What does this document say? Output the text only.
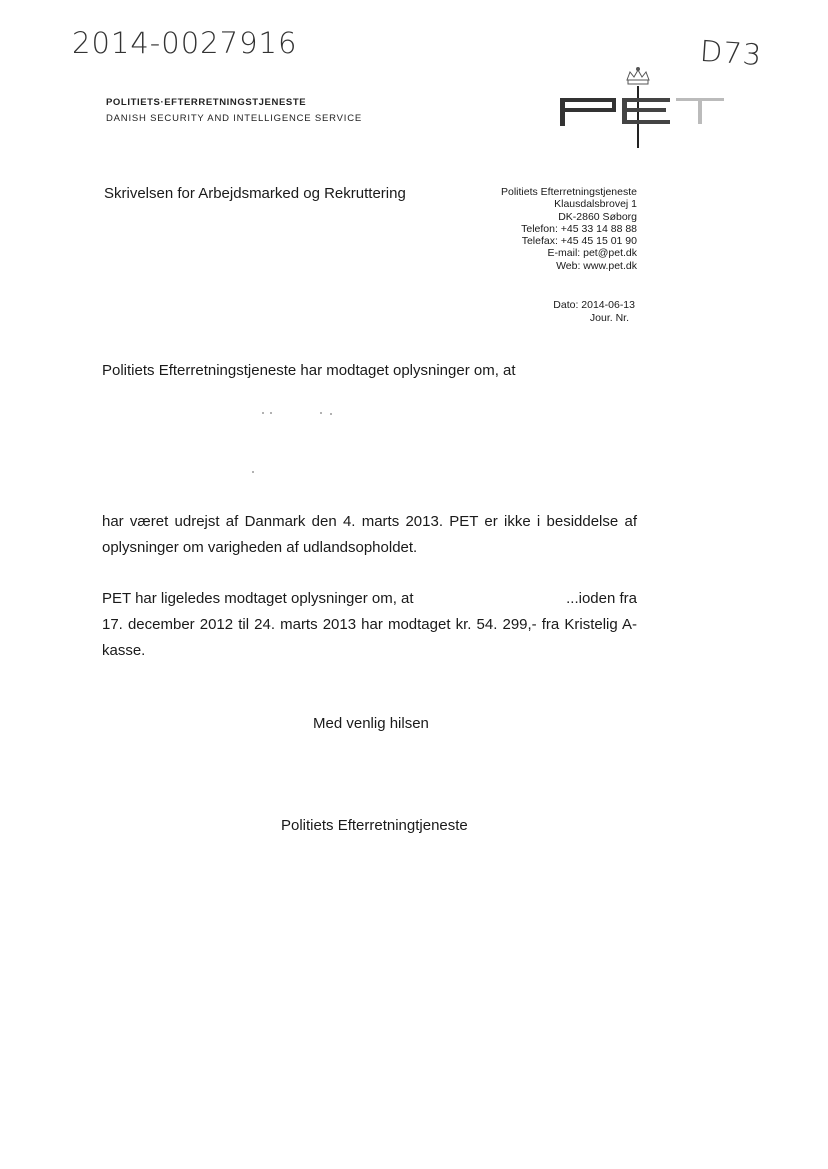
2014-0027916	D73
POLITIETS·EFTERRETNINGSTJENESTE
DANISH SECURITY AND INTELLIGENCE SERVICE
Skrivelsen for Arbejdsmarked og Rekruttering	Politiets Efterretningstjeneste
Klausdalsbrovej 1
DK-2860 Søborg
Telefon: +45 33 14 88 88
Telefax: +45 45 15 01 90
E-mail: pet@pet.dk
Web: www.pet.dk
Dato: 2014-06-13
Jour. Nr.
Politiets Efterretningstjeneste har modtaget oplysninger om, at
har været udrejst af Danmark den 4. marts 2013. PET er ikke i besiddelse af oplysninger om varigheden af udlandsopholdet.
PET har ligeledes modtaget oplysninger om, at	...ioden fra
17. december 2012 til 24. marts 2013 har modtaget kr. 54. 299,- fra Kristelig A-kasse.
Med venlig hilsen
Politiets Efterretningtjeneste
